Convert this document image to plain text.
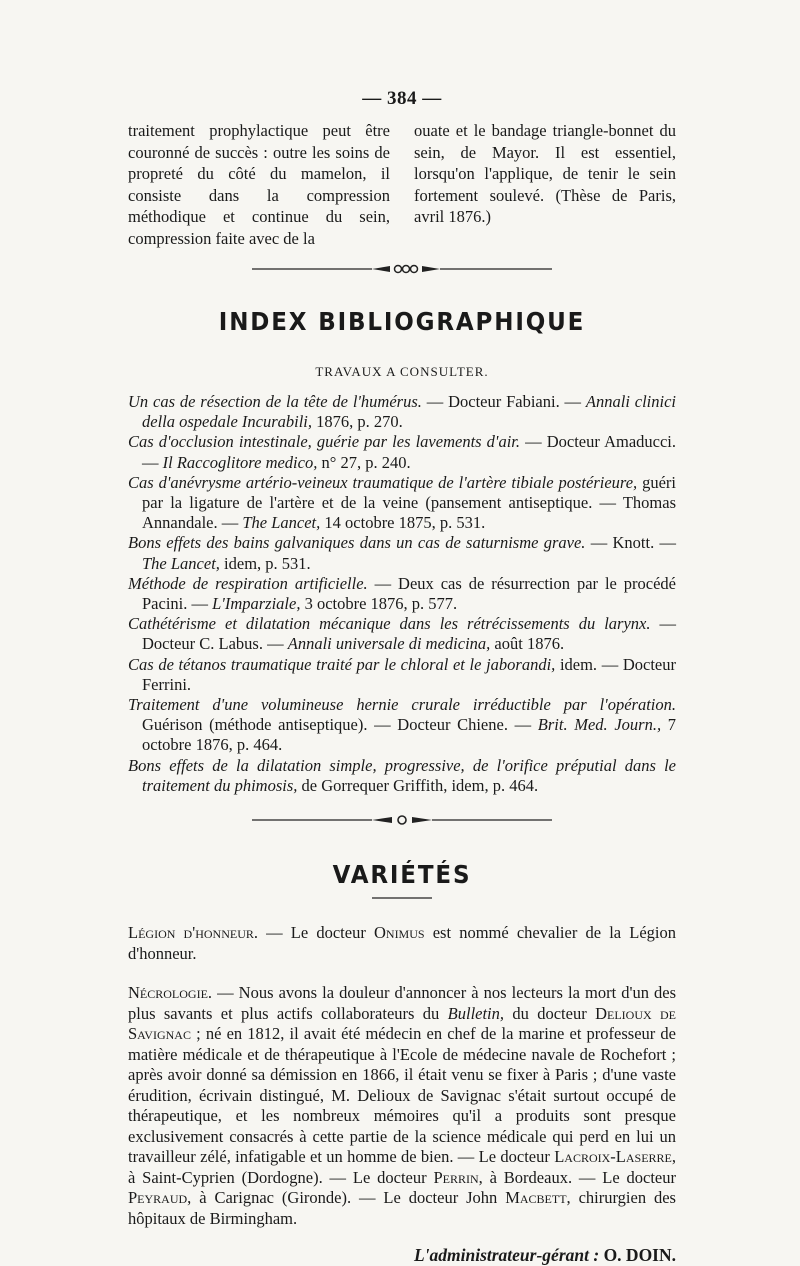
— 384 —

traitement prophylactique peut être couronné de succès : outre les soins de propreté du côté du mamelon, il consiste dans la compression méthodique et continue du sein, compression faite avec de la

ouate et le bandage triangle-bonnet du sein, de Mayor. Il est essentiel, lorsqu'on l'applique, de tenir le sein fortement soulevé. (Thèse de Paris, avril 1876.)

INDEX BIBLIOGRAPHIQUE
TRAVAUX A CONSULTER.

Un cas de résection de la tête de l'humérus. — Docteur Fabiani. — Annali clinici della ospedale Incurabili, 1876, p. 270.

Cas d'occlusion intestinale, guérie par les lavements d'air. — Docteur Amaducci. — Il Raccoglitore medico, n° 27, p. 240.

Cas d'anévrysme artério-veineux traumatique de l'artère tibiale postérieure, guéri par la ligature de l'artère et de la veine (pansement antiseptique. — Thomas Annandale. — The Lancet, 14 octobre 1875, p. 531.

Bons effets des bains galvaniques dans un cas de saturnisme grave. — Knott. — The Lancet, idem, p. 531.

Méthode de respiration artificielle. — Deux cas de résurrection par le procédé Pacini. — L'Imparziale, 3 octobre 1876, p. 577.

Cathétérisme et dilatation mécanique dans les rétrécissements du larynx. — Docteur C. Labus. — Annali universale di medicina, août 1876.

Cas de tétanos traumatique traité par le chloral et le jaborandi, idem. — Docteur Ferrini.

Traitement d'une volumineuse hernie crurale irréductible par l'opération. Guérison (méthode antiseptique). — Docteur Chiene. — Brit. Med. Journ., 7 octobre 1876, p. 464.

Bons effets de la dilatation simple, progressive, de l'orifice préputial dans le traitement du phimosis, de Gorrequer Griffith, idem, p. 464.

VARIÉTÉS

Légion d'honneur. — Le docteur Onimus est nommé chevalier de la Légion d'honneur.

Nécrologie. — Nous avons la douleur d'annoncer à nos lecteurs la mort d'un des plus savants et plus actifs collaborateurs du Bulletin, du docteur Delioux de Savignac ; né en 1812, il avait été médecin en chef de la marine et professeur de matière médicale et de thérapeutique à l'Ecole de médecine navale de Rochefort ; après avoir donné sa démission en 1866, il était venu se fixer à Paris ; d'une vaste érudition, écrivain distingué, M. Delioux de Savignac s'était surtout occupé de thérapeutique, et les nombreux mémoires qu'il a produits sont presque exclusivement consacrés à cette partie de la science médicale qui perd en lui un travailleur zélé, infatigable et un homme de bien. — Le docteur Lacroix-Laserre, à Saint-Cyprien (Dordogne). — Le docteur Perrin, à Bordeaux. — Le docteur Peyraud, à Carignac (Gironde). — Le docteur John Macbett, chirurgien des hôpitaux de Birmingham.

L'administrateur-gérant : O. DOIN.
